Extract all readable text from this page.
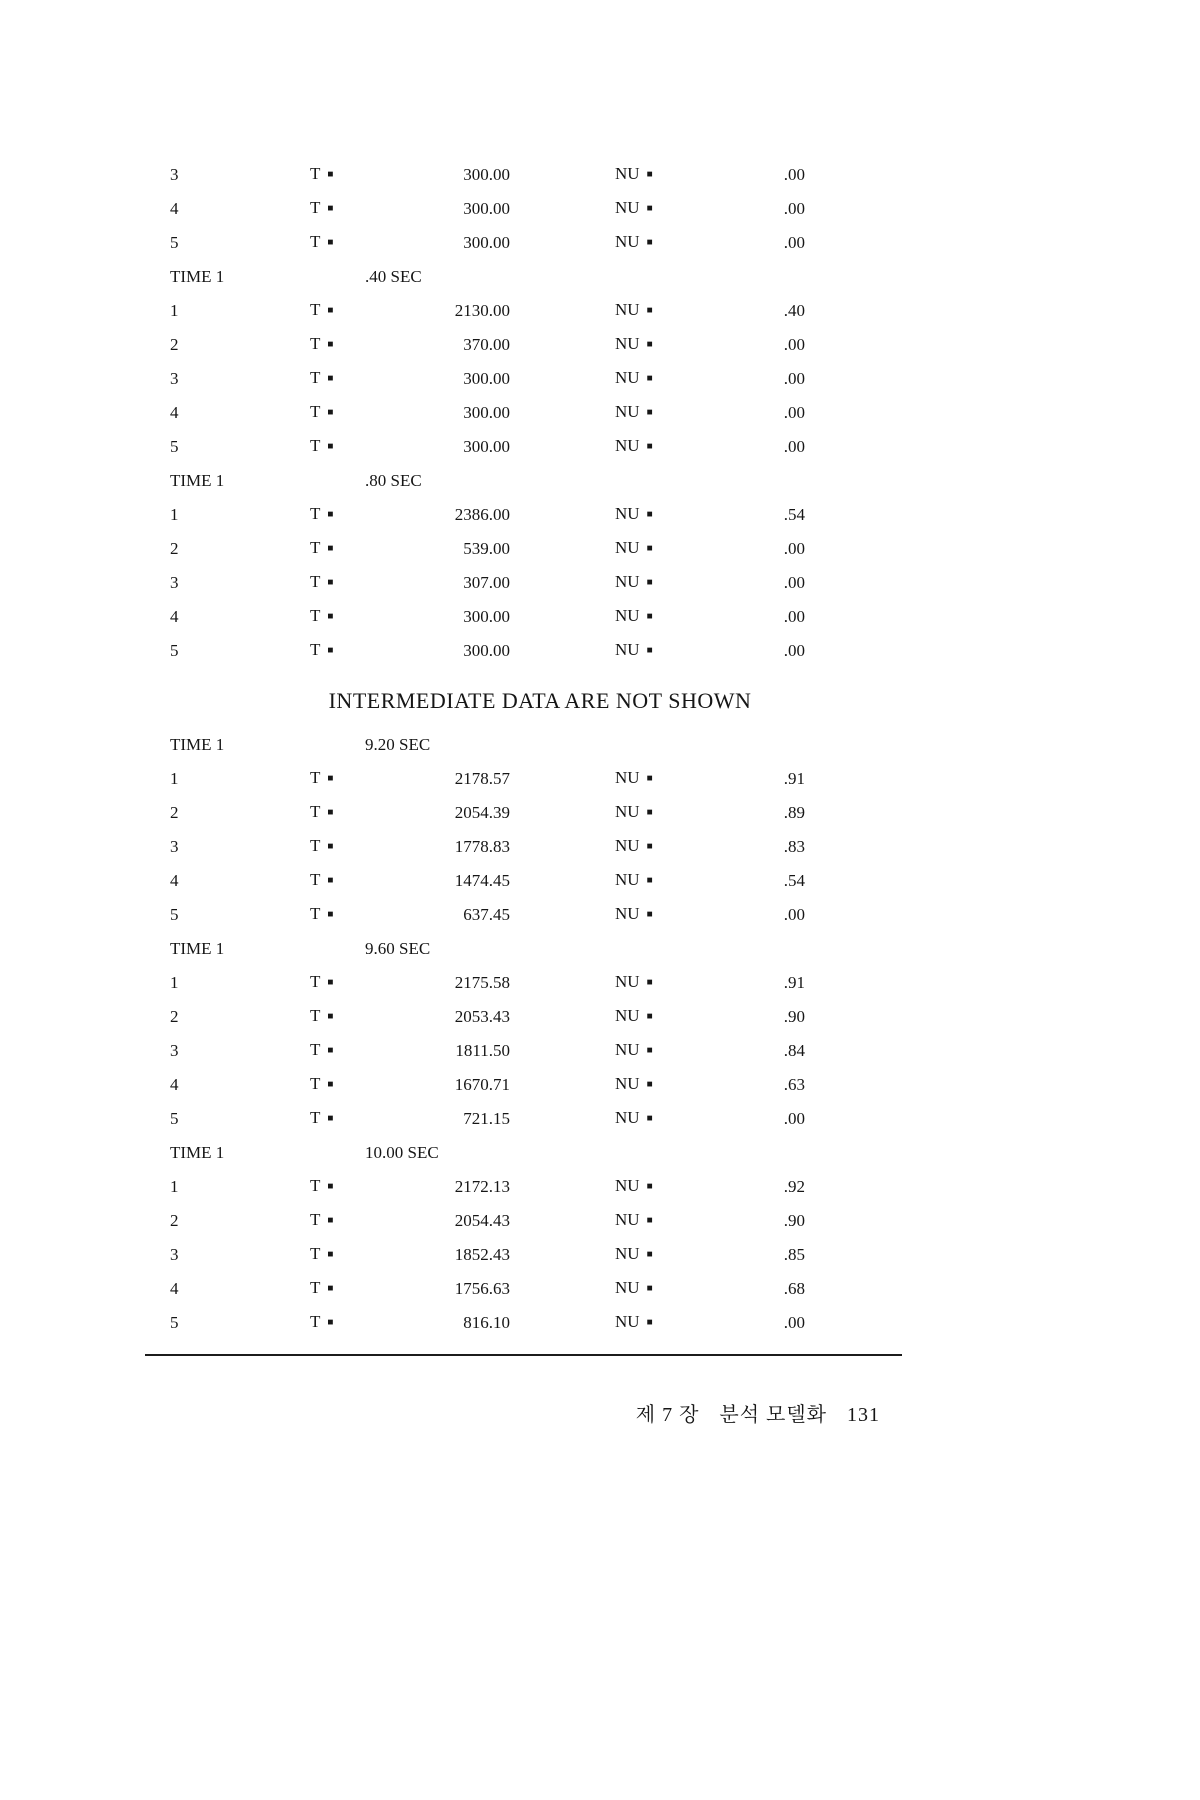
3	T ■	300.00	NU ■	.00
4	T ■	300.00	NU ■	.00
5	T ■	300.00	NU ■	.00
TIME 1	.40 SEC
1	T ■	2130.00	NU ■	.40
2	T ■	370.00	NU ■	.00
3	T ■	300.00	NU ■	.00
4	T ■	300.00	NU ■	.00
5	T ■	300.00	NU ■	.00
TIME 1	.80 SEC
1	T ■	2386.00	NU ■	.54
2	T ■	539.00	NU ■	.00
3	T ■	307.00	NU ■	.00
4	T ■	300.00	NU ■	.00
5	T ■	300.00	NU ■	.00
INTERMEDIATE DATA ARE NOT SHOWN
TIME 1	9.20 SEC
1	T ■	2178.57	NU ■	.91
2	T ■	2054.39	NU ■	.89
3	T ■	1778.83	NU ■	.83
4	T ■	1474.45	NU ■	.54
5	T ■	637.45	NU ■	.00
TIME 1	9.60 SEC
1	T ■	2175.58	NU ■	.91
2	T ■	2053.43	NU ■	.90
3	T ■	1811.50	NU ■	.84
4	T ■	1670.71	NU ■	.63
5	T ■	721.15	NU ■	.00
TIME 1	10.00 SEC
1	T ■	2172.13	NU ■	.92
2	T ■	2054.43	NU ■	.90
3	T ■	1852.43	NU ■	.85
4	T ■	1756.63	NU ■	.68
5	T ■	816.10	NU ■	.00
제 7 장 분석 모델화 131
